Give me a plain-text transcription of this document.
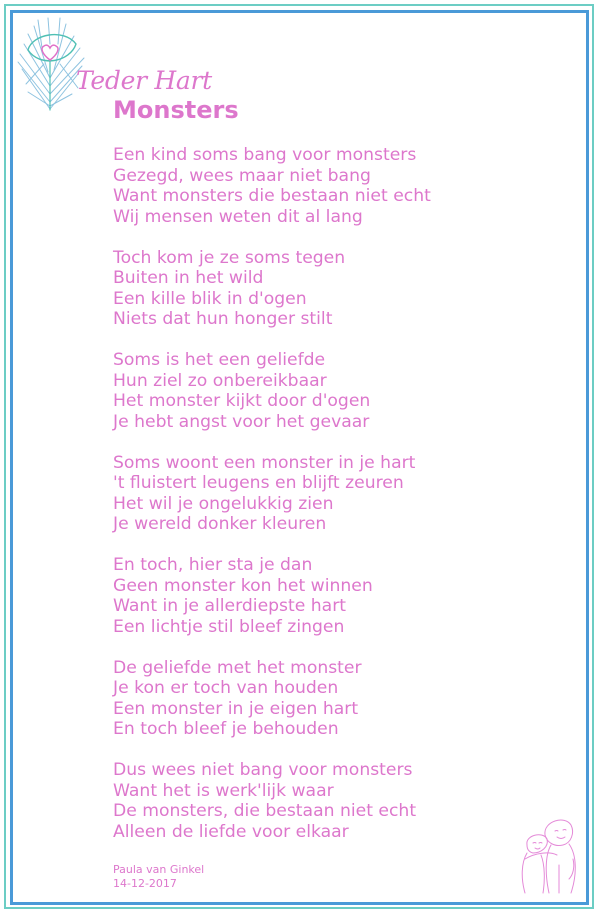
Teder Hart
Monsters
Een kind soms bang voor monsters
Gezegd, wees maar niet bang
Want monsters die bestaan niet echt
Wij mensen weten dit al lang
Toch kom je ze soms tegen
Buiten in het wild
Een kille blik in d'ogen
Niets dat hun honger stilt
Soms is het een geliefde
Hun ziel zo onbereikbaar
Het monster kijkt door d'ogen
Je hebt angst voor het gevaar
Soms woont een monster in je hart
't fluistert leugens en blijft zeuren
Het wil je ongelukkig zien
Je wereld donker kleuren
En toch, hier sta je dan
Geen monster kon het winnen
Want in je allerdiepste hart
Een lichtje stil bleef zingen
De geliefde met het monster
Je kon er toch van houden
Een monster in je eigen hart
En toch bleef je behouden
Dus wees niet bang voor monsters
Want het is werk'lijk waar
De monsters, die bestaan niet echt
Alleen de liefde voor elkaar
Paula van Ginkel
14-12-2017
